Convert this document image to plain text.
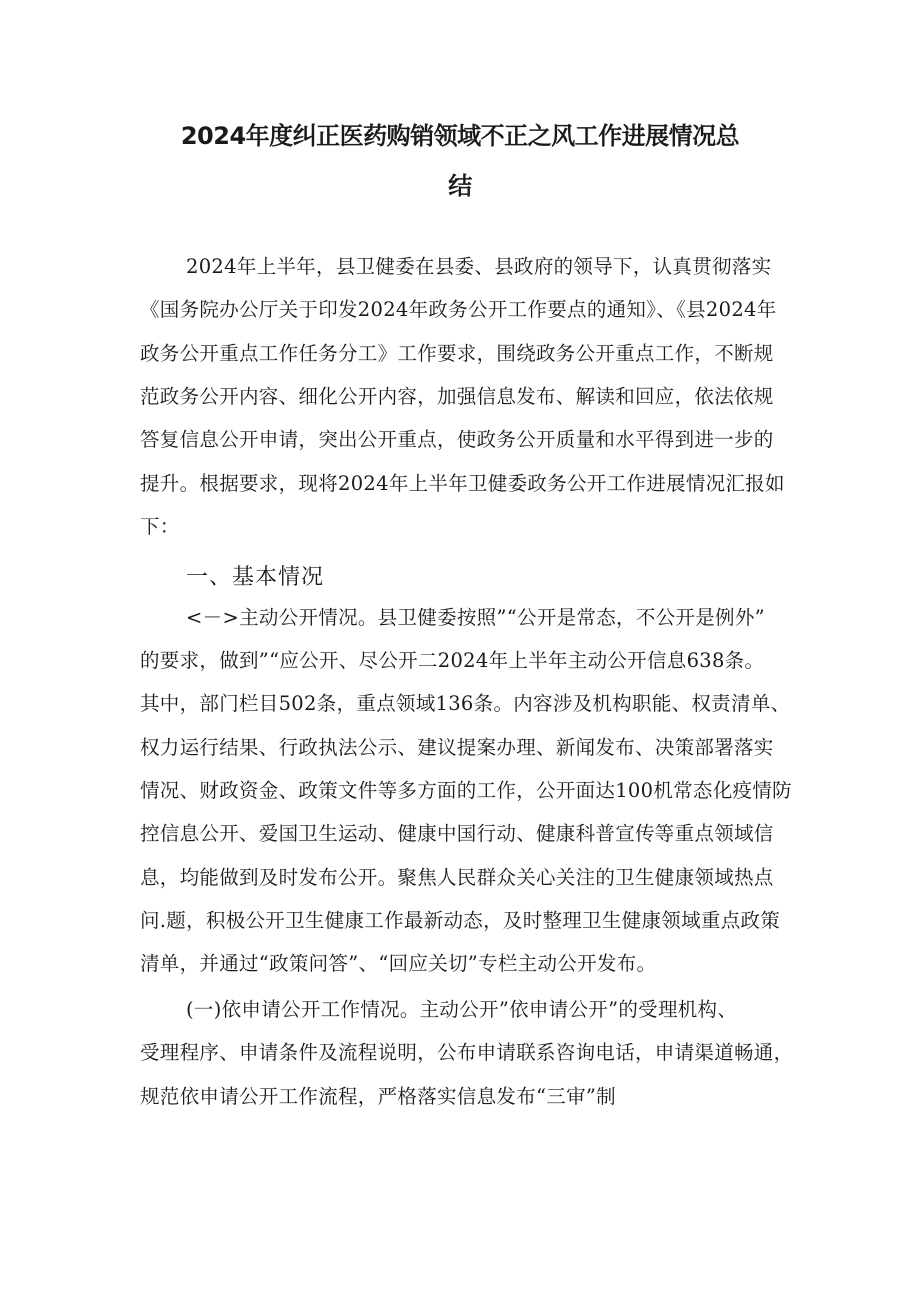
2024年度纠正医药购销领域不正之风工作进展情况总
结
2024年上半年，县卫健委在县委、县政府的领导下，认真贯彻落实
《国务院办公厅关于印发2024年政务公开工作要点的通知》、《县2024年
政务公开重点工作任务分工》工作要求，围绕政务公开重点工作，不断规
范政务公开内容、细化公开内容，加强信息发布、解读和回应，依法依规
答复信息公开申请，突出公开重点，使政务公开质量和水平得到进一步的
提升。根据要求，现将2024年上半年卫健委政务公开工作进展情况汇报如
下：
一、基本情况
<－>主动公开情况。县卫健委按照”“公开是常态，不公开是例外”
的要求，做到”“应公开、尽公开二2024年上半年主动公开信息638条。
其中，部门栏目502条，重点领域136条。内容涉及机构职能、权责清单、
权力运行结果、行政执法公示、建议提案办理、新闻发布、决策部署落实
情况、财政资金、政策文件等多方面的工作，公开面达100机常态化疫情防
控信息公开、爱国卫生运动、健康中国行动、健康科普宣传等重点领域信
息，均能做到及时发布公开。聚焦人民群众关心关注的卫生健康领域热点
问.题，积极公开卫生健康工作最新动态，及时整理卫生健康领域重点政策
清单，并通过“政策问答”、“回应关切”专栏主动公开发布。
(一)依申请公开工作情况。主动公开”依申请公开”的受理机构、
受理程序、申请条件及流程说明，公布申请联系咨询电话，申请渠道畅通，
规范依申请公开工作流程，严格落实信息发布“三审”制
